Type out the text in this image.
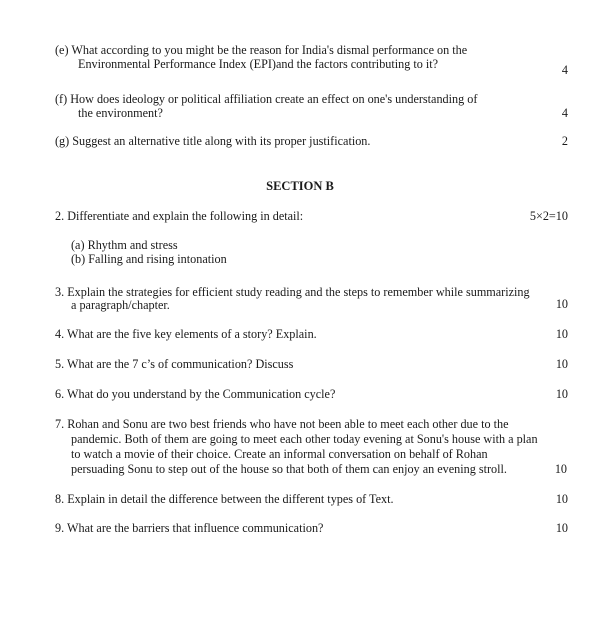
(e) What according to you might be the reason for India's dismal performance on the
Environmental Performance Index (EPI)and the factors contributing to it?	4
(f) How does ideology or political affiliation create an effect on one's understanding of
the environment?	4
(g) Suggest an alternative title along with its proper justification.	2
SECTION B
2. Differentiate and explain the following in detail:	5×2=10
(a) Rhythm and stress
(b) Falling and rising intonation
3. Explain the strategies for efficient study reading and the steps to remember while summarizing
a paragraph/chapter.	10
4. What are the five key elements of a story? Explain.	10
5. What are the 7 c’s of communication? Discuss	10
6. What do you understand by the Communication cycle?	10
7. Rohan and Sonu are two best friends who have not been able to meet each other due to the
pandemic. Both of them are going to meet each other today evening at Sonu's house with a plan
to watch a movie of their choice. Create an informal conversation on behalf of Rohan
persuading Sonu to step out of the house so that both of them can enjoy an evening stroll.	10
8. Explain in detail the difference between the different types of Text.	10
9. What are the barriers that influence communication?	10
